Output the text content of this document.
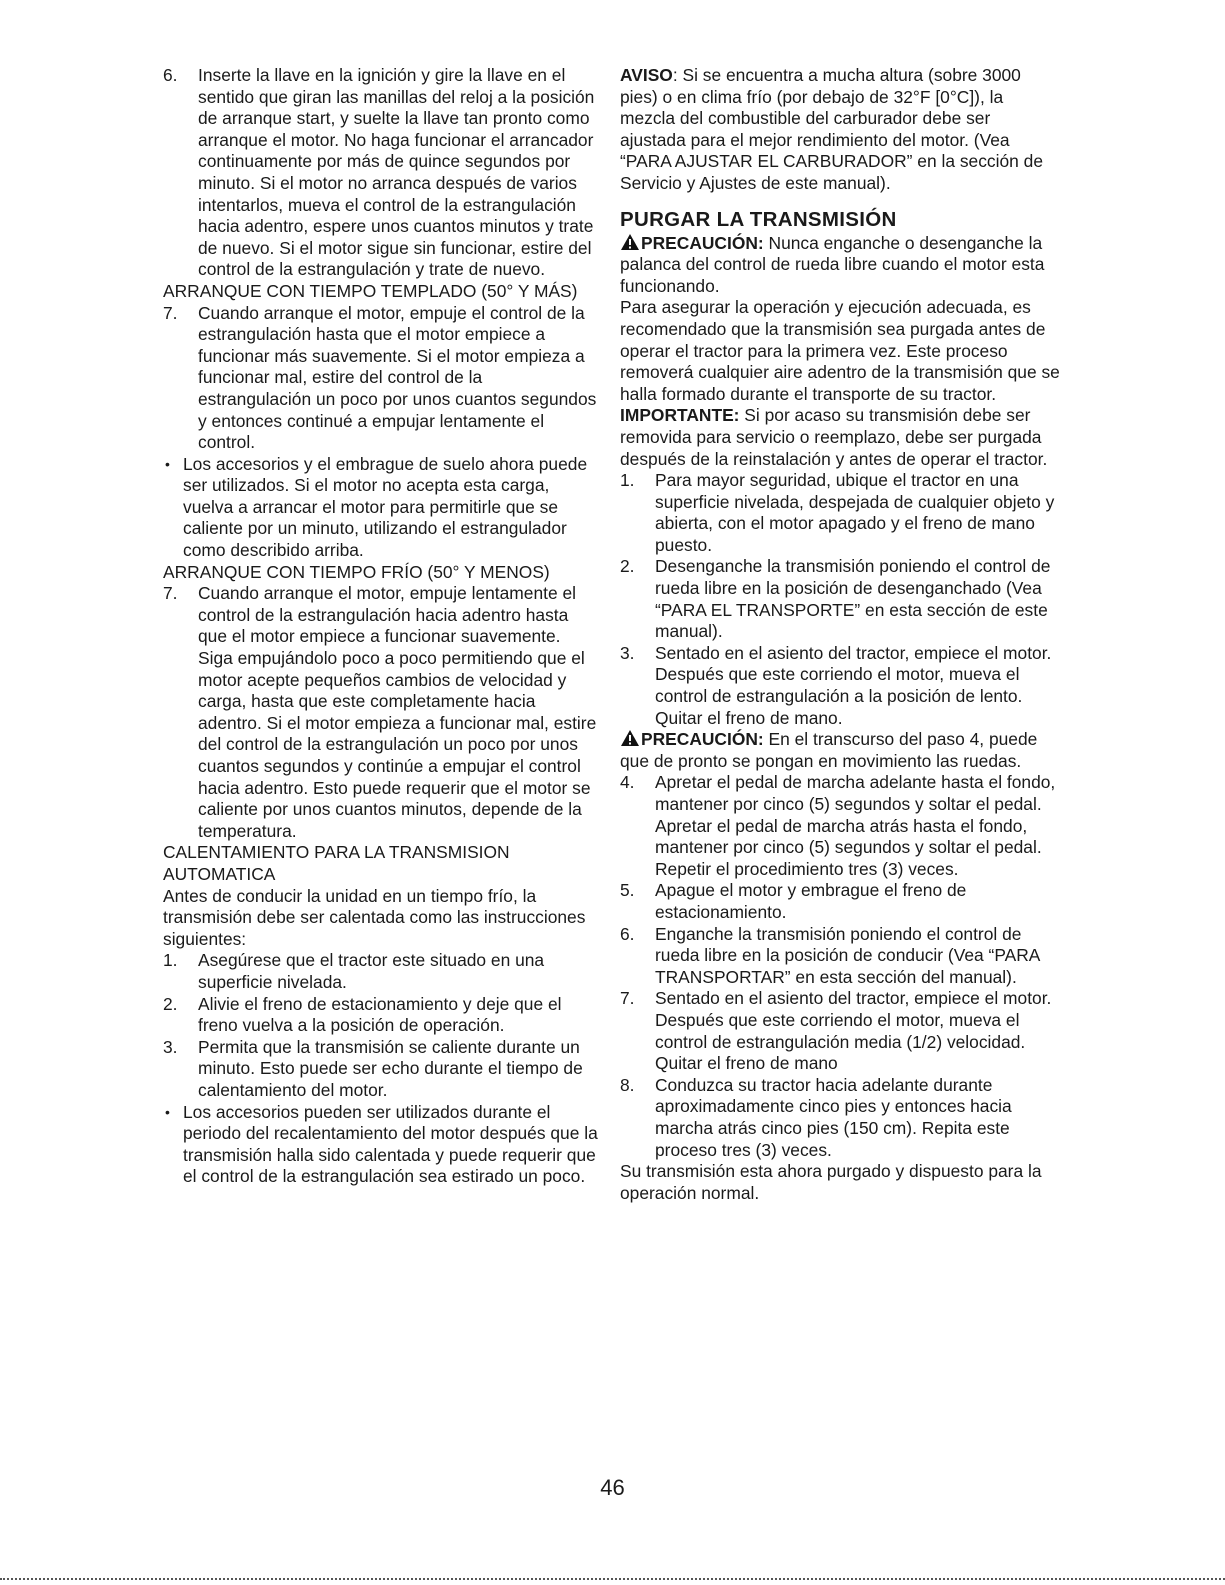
6. Inserte la llave en la ignición y gire la llave en el sentido que giran las manillas del reloj a la posición de arranque start, y suelte la llave tan pronto como arranque el motor. No haga funcionar el arrancador continuamente por más de quince segundos por minuto. Si el motor no arranca después de varios intentarlos, mueva el control de la estrangulación hacia adentro, espere unos cuantos minutos y trate de nuevo. Si el motor sigue sin funcionar, estire del control de la estrangulación y trate de nuevo.

ARRANQUE CON TIEMPO TEMPLADO (50° Y MÁS)

7. Cuando arranque el motor, empuje el control de la estrangulación hasta que el motor empiece a funcionar más suavemente. Si el motor empieza a funcionar mal, estire del control de la estrangulación un poco por unos cuantos segundos y entonces continué a empujar lentamente el control.

• Los accesorios y el embrague de suelo ahora puede ser utilizados. Si el motor no acepta esta carga, vuelva a arrancar el motor para permitirle que se caliente por un minuto, utilizando el estrangulador como describido arriba.

ARRANQUE CON TIEMPO FRÍO (50° Y MENOS)

7. Cuando arranque el motor, empuje lentamente el control de la estrangulación hacia adentro hasta que el motor empiece a funcionar suavemente. Siga empujándolo poco a poco permitiendo que el motor acepte pequeños cambios de velocidad y carga, hasta que este completamente hacia adentro. Si el motor empieza a funcionar mal, estire del control de la estrangulación un poco por unos cuantos segundos y continúe a empujar el control hacia adentro. Esto puede requerir que el motor se caliente por unos cuantos minutos, depende de la temperatura.

CALENTAMIENTO PARA LA TRANSMISION AUTOMATICA

Antes de conducir la unidad en un tiempo frío, la transmisión debe ser calentada como las instrucciones siguientes:

1. Asegúrese que el tractor este situado en una superficie nivelada.

2. Alivie el freno de estacionamiento y deje que el freno vuelva a la posición de operación.

3. Permita que la transmisión se caliente durante un minuto. Esto puede ser echo durante el tiempo de calentamiento del motor.

• Los accesorios pueden ser utilizados durante el periodo del recalentamiento del motor después que la transmisión halla sido calentada y puede requerir que el control de la estrangulación sea estirado un poco.

AVISO: Si se encuentra a mucha altura (sobre 3000 pies) o en clima frío (por debajo de 32°F [0°C]), la mezcla del combustible del carburador debe ser ajustada para el mejor rendimiento del motor. (Vea “PARA AJUSTAR EL CARBURADOR” en la sección de Servicio y Ajustes de este manual).

PURGAR LA TRANSMISIÓN

PRECAUCIÓN: Nunca enganche o desenganche la palanca del control de rueda libre cuando el motor esta funcionando.

Para asegurar la operación y ejecución adecuada, es recomendado que la transmisión sea purgada antes de operar el tractor para la primera vez. Este proceso removerá cualquier aire adentro de la transmisión que se halla formado durante el transporte de su tractor.

IMPORTANTE: Si por acaso su transmisión debe ser removida para servicio o reemplazo, debe ser purgada después de la reinstalación y antes de operar el tractor.

1. Para mayor seguridad, ubique el tractor en una superficie nivelada, despejada de cualquier objeto y abierta, con el motor apagado y el freno de mano puesto.

2. Desenganche la transmisión poniendo el control de rueda libre en la posición de desenganchado (Vea “PARA EL TRANSPORTE” en esta sección de este manual).

3. Sentado en el asiento del tractor, empiece el motor. Después que este corriendo el motor, mueva el control de estrangulación a la posición de lento. Quitar el freno de mano.

PRECAUCIÓN: En el transcurso del paso 4, puede que de pronto se pongan en movimiento las ruedas.

4. Apretar el pedal de marcha adelante hasta el fondo, mantener por cinco (5) segundos y soltar el pedal. Apretar el pedal de marcha atrás hasta el fondo, mantener por cinco (5) segundos y soltar el pedal. Repetir el procedimiento tres (3) veces.

5. Apague el motor y embrague el freno de estacionamiento.

6. Enganche la transmisión poniendo el control de rueda libre en la posición de conducir (Vea “PARA TRANSPORTAR” en esta sección del manual).

7. Sentado en el asiento del tractor, empiece el motor. Después que este corriendo el motor, mueva el control de estrangulación media (1/2) velocidad. Quitar el freno de mano

8. Conduzca su tractor hacia adelante durante aproximadamente cinco pies y entonces hacia marcha atrás cinco pies (150 cm). Repita este proceso tres (3) veces.

Su transmisión esta ahora purgado y dispuesto para la operación normal.

46
